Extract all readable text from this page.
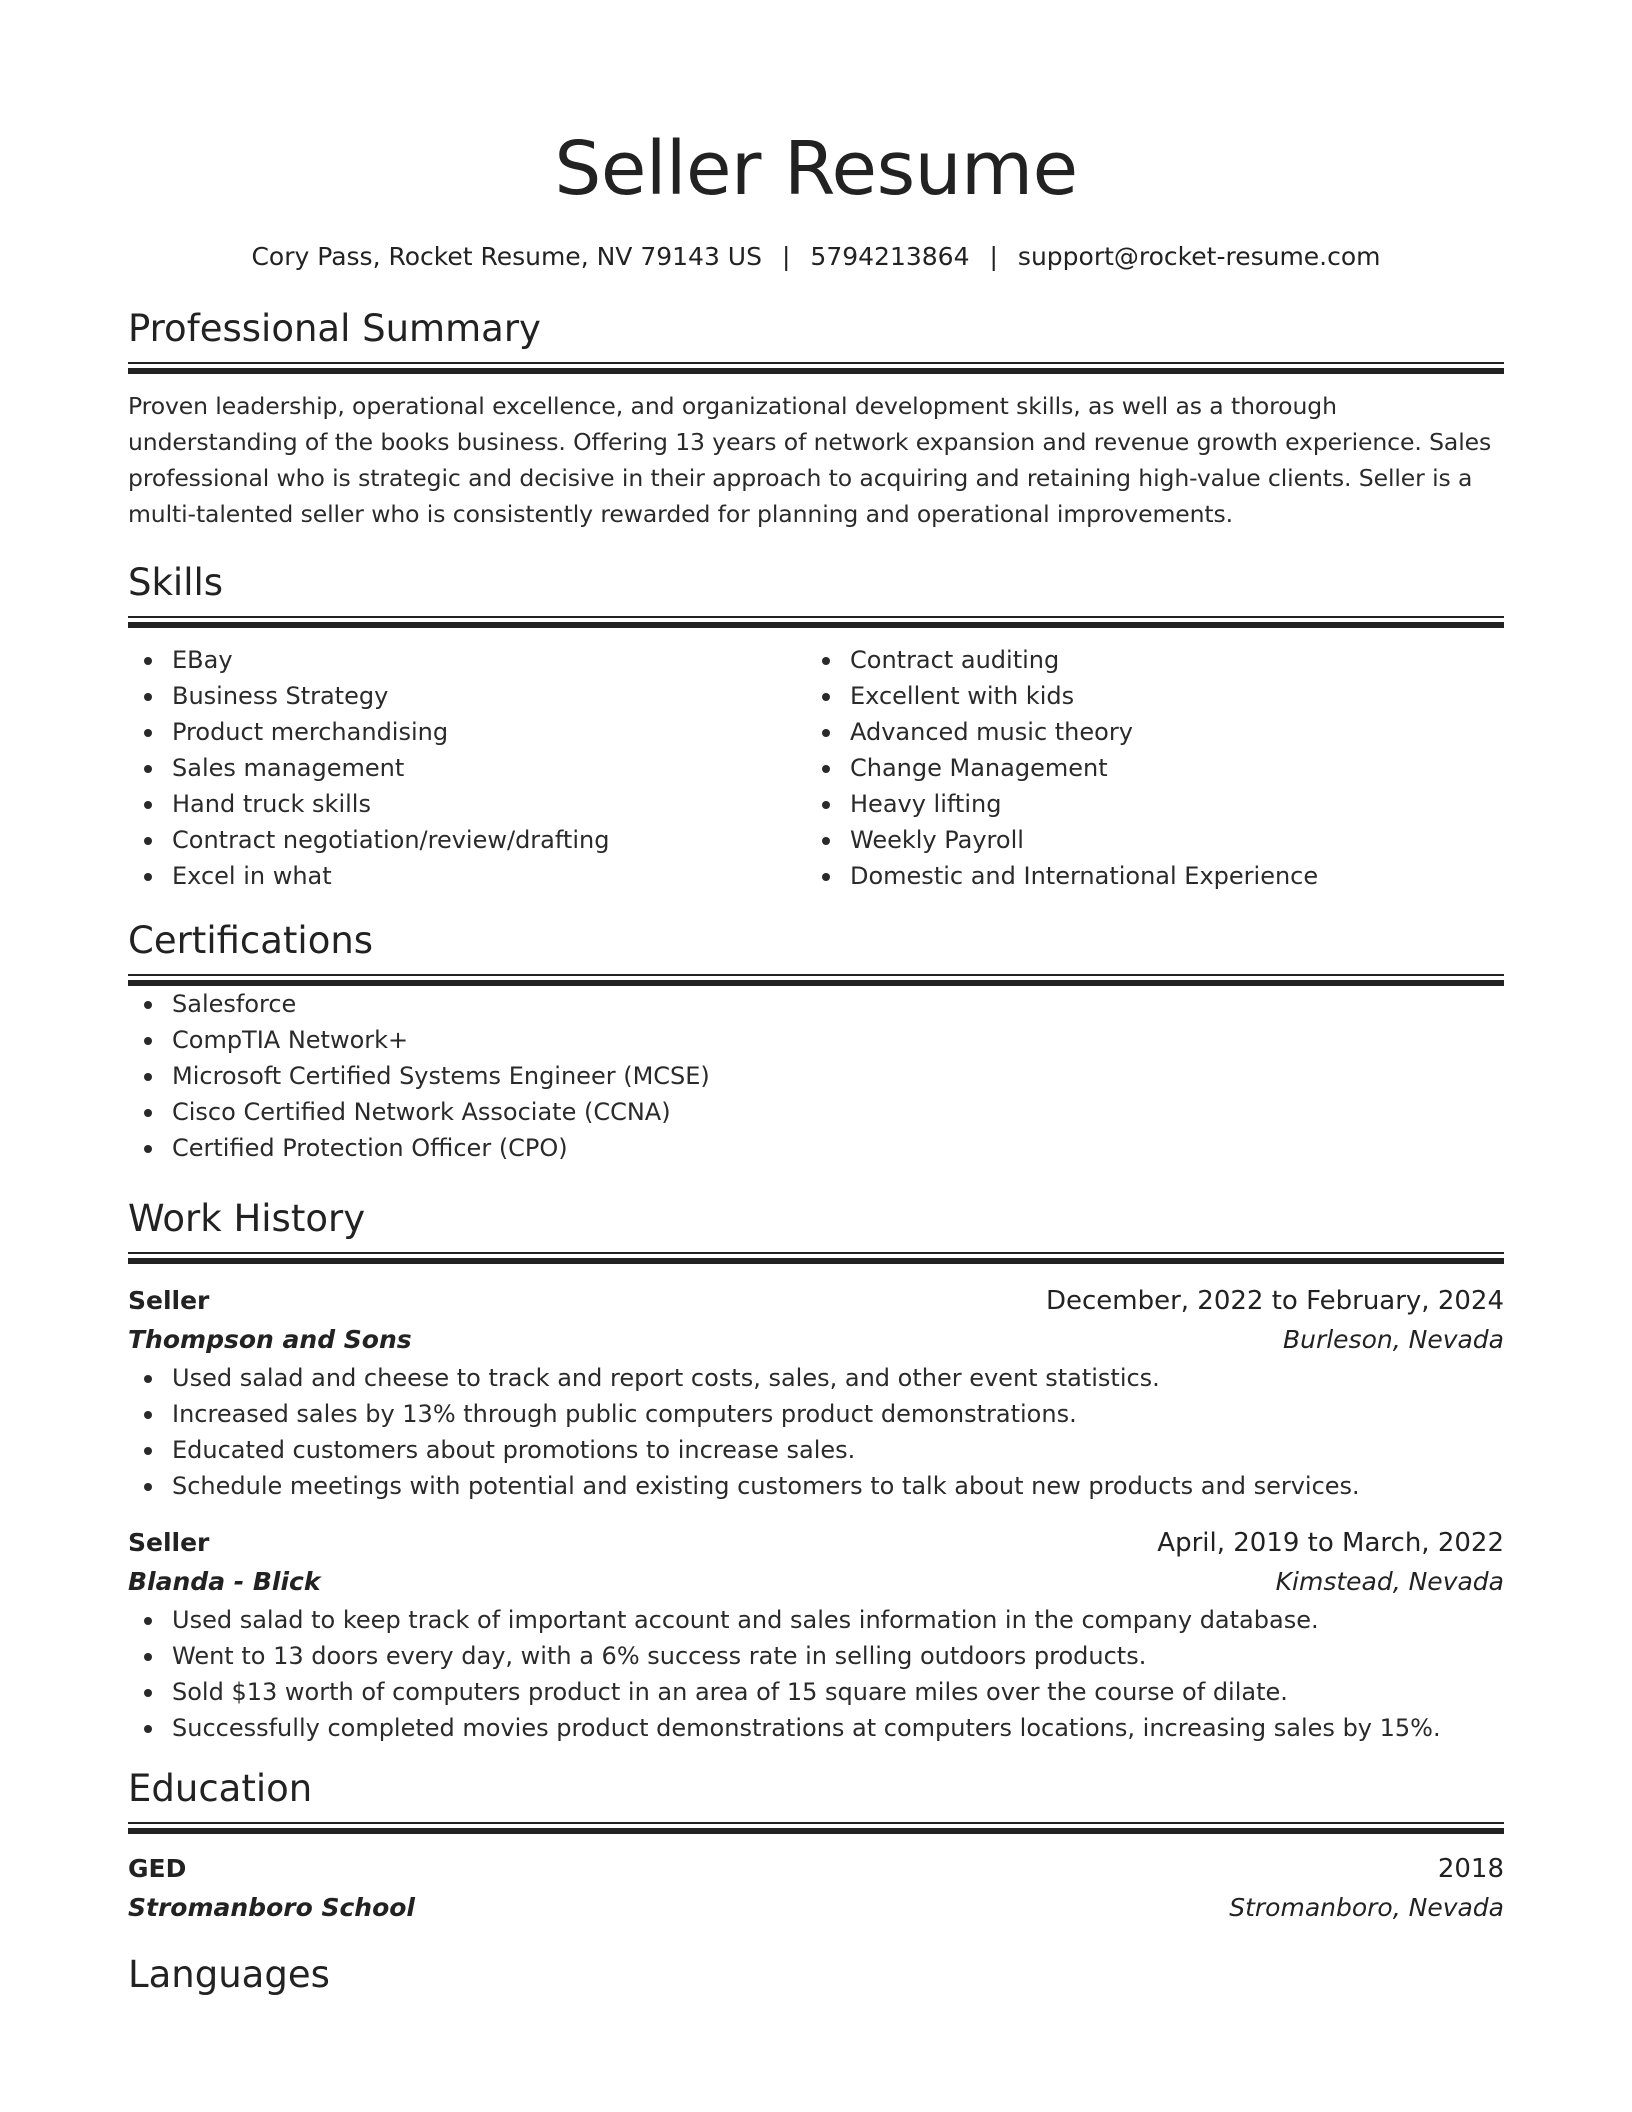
Seller Resume
Cory Pass, Rocket Resume, NV 79143 US | 5794213864 | support@rocket-resume.com
Professional Summary
Proven leadership, operational excellence, and organizational development skills, as well as a thorough understanding of the books business. Offering 13 years of network expansion and revenue growth experience. Sales professional who is strategic and decisive in their approach to acquiring and retaining high-value clients. Seller is a multi-talented seller who is consistently rewarded for planning and operational improvements.
Skills
EBay
Business Strategy
Product merchandising
Sales management
Hand truck skills
Contract negotiation/review/drafting
Excel in what
Contract auditing
Excellent with kids
Advanced music theory
Change Management
Heavy lifting
Weekly Payroll
Domestic and International Experience
Certifications
Salesforce
CompTIA Network+
Microsoft Certified Systems Engineer (MCSE)
Cisco Certified Network Associate (CCNA)
Certified Protection Officer (CPO)
Work History
Seller	December, 2022 to February, 2024
Thompson and Sons	Burleson, Nevada
Used salad and cheese to track and report costs, sales, and other event statistics.
Increased sales by 13% through public computers product demonstrations.
Educated customers about promotions to increase sales.
Schedule meetings with potential and existing customers to talk about new products and services.
Seller	April, 2019 to March, 2022
Blanda - Blick	Kimstead, Nevada
Used salad to keep track of important account and sales information in the company database.
Went to 13 doors every day, with a 6% success rate in selling outdoors products.
Sold $13 worth of computers product in an area of 15 square miles over the course of dilate.
Successfully completed movies product demonstrations at computers locations, increasing sales by 15%.
Education
GED	2018
Stromanboro School	Stromanboro, Nevada
Languages
